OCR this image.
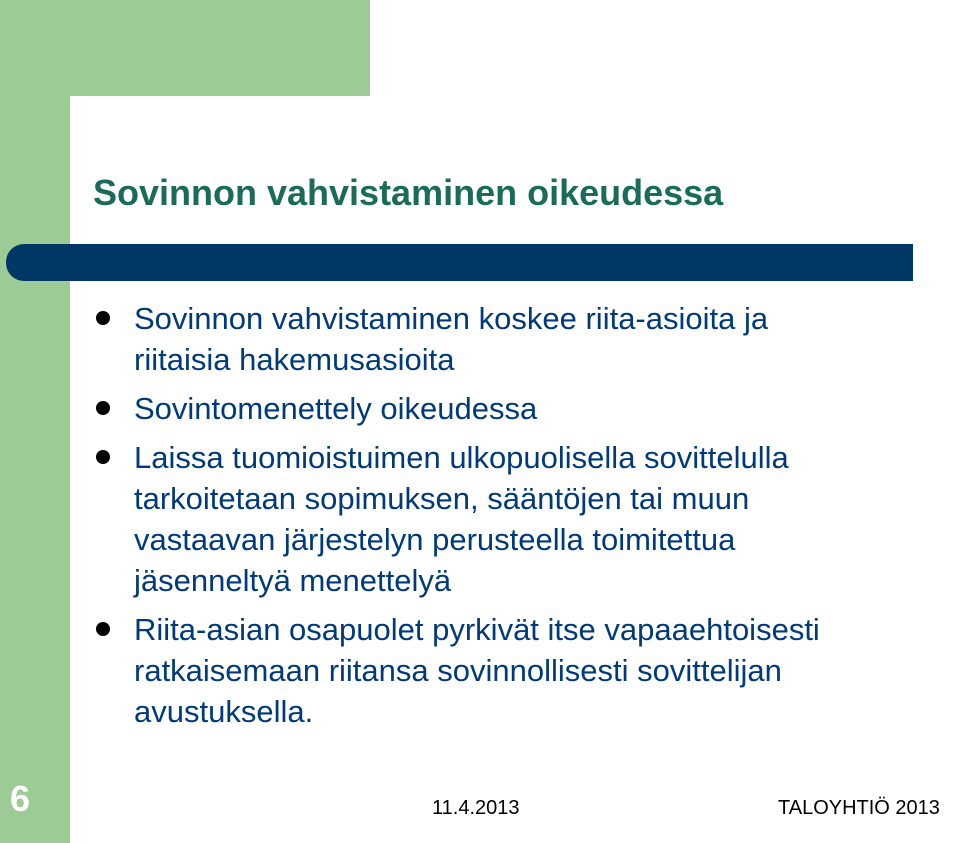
Sovinnon vahvistaminen oikeudessa
Sovinnon vahvistaminen koskee riita-asioita ja
riitaisia hakemusasioita
Sovintomenettely oikeudessa
Laissa tuomioistuimen ulkopuolisella sovittelulla
tarkoitetaan sopimuksen, sääntöjen tai muun
vastaavan järjestelyn perusteella toimitettua
jäsenneltyä menettelyä
Riita-asian osapuolet pyrkivät itse vapaaehtoisesti
ratkaisemaan riitansa sovinnollisesti sovittelijan
avustuksella.
6	11.4.2013	TALOYHTIÖ 2013
